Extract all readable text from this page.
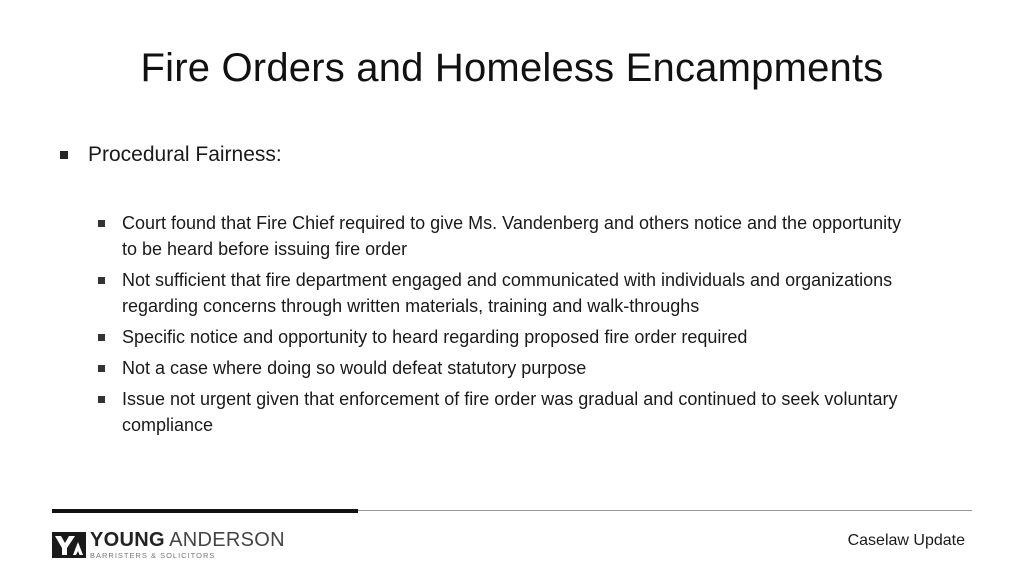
Fire Orders and Homeless Encampments
Procedural Fairness:
Court found that Fire Chief required to give Ms. Vandenberg and others notice and the opportunity to be heard before issuing fire order
Not sufficient that fire department engaged and communicated with individuals and organizations regarding concerns through written materials, training and walk-throughs
Specific notice and opportunity to heard regarding proposed fire order required
Not a case where doing so would defeat statutory purpose
Issue not urgent given that enforcement of fire order was gradual and continued to seek voluntary compliance
YOUNG  ANDERSON
BARRISTERS & SOLICITORS
Caselaw Update
